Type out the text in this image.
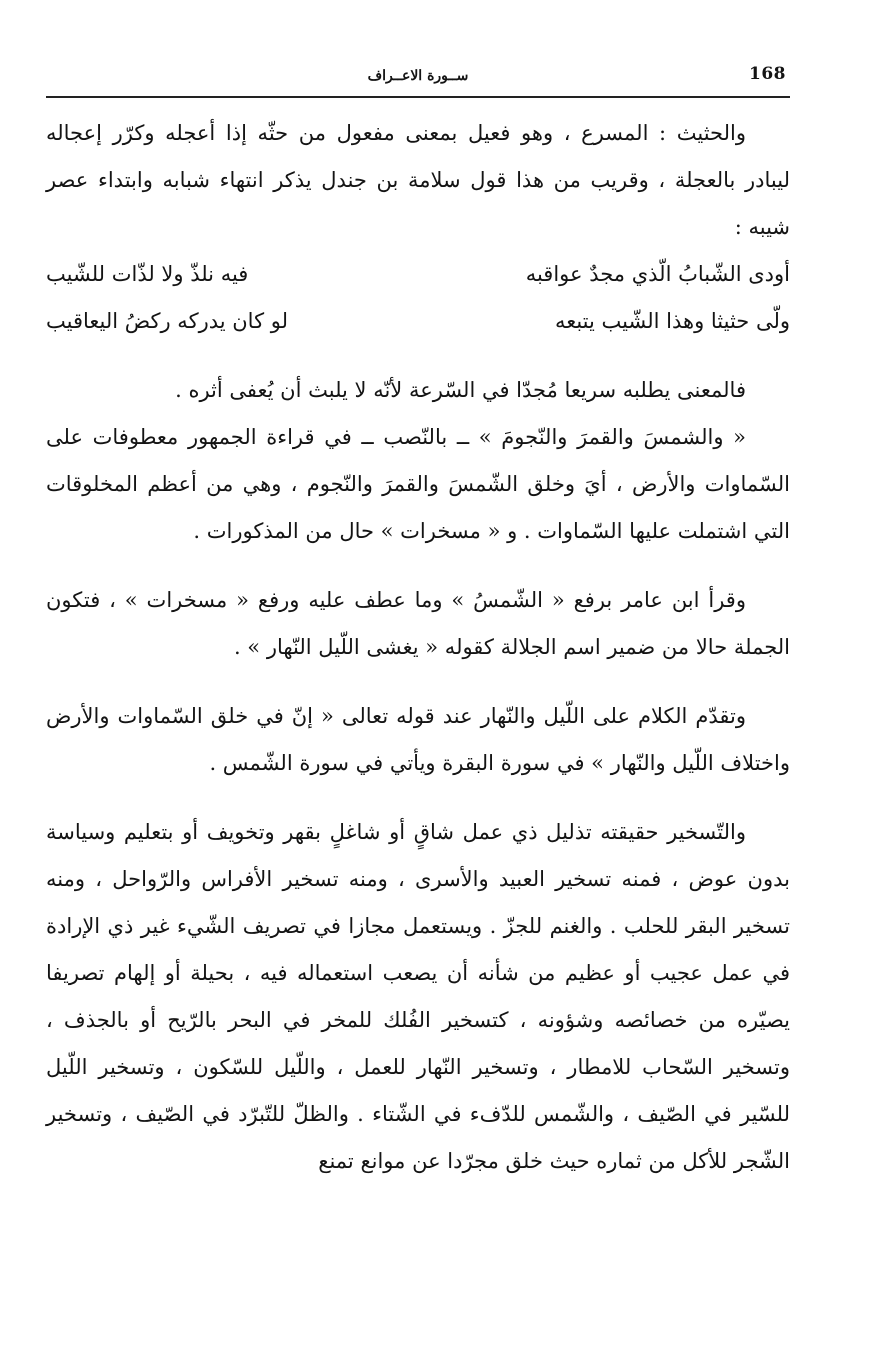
168
ســورة الاعــراف

والحثيث : المسرع ، وهو فعيل بمعنى مفعول من حثّه إذا أعجله وكرّر إعجاله ليبادر بالعجلة ، وقريب من هذا قول سلامة بن جندل يذكر انتهاء شبابه وابتداء عصر شيبه :

أودى الشّبابُ الّذي مجدٌ عواقبه
فيه نلذّ ولا لذّات للشّيب
ولّى حثيثا وهذا الشّيب يتبعه
لو كان يدركه ركضُ اليعاقيب

فالمعنى يطلبه سريعا مُجدّا في السّرعة لأنّه لا يلبث أن يُعفى أثره .

« والشمسَ والقمرَ والنّجومَ » ــ بالنّصب ــ في قراءة الجمهور معطوفات على السّماوات والأرض ، أيَ وخلق الشّمسَ والقمرَ والنّجوم ، وهي من أعظم المخلوقات التي اشتملت عليها السّماوات . و « مسخرات » حال من المذكورات .

وقرأ ابن عامر برفع « الشّمسُ » وما عطف عليه ورفع « مسخرات » ، فتكون الجملة حالا من ضمير اسم الجلالة كقوله « يغشى اللّيل النّهار » .

وتقدّم الكلام على اللّيل والنّهار عند قوله تعالى « إنّ في خلق السّماوات والأرض واختلاف اللّيل والنّهار » في سورة البقرة ويأتي في سورة الشّمس .

والتّسخير حقيقته تذليل ذي عمل شاقٍ أو شاغلٍ بقهر وتخويف أو بتعليم وسياسة بدون عوض ، فمنه تسخير العبيد والأسرى ، ومنه تسخير الأفراس والرّواحل ، ومنه تسخير البقر للحلب . والغنم للجزّ . ويستعمل مجازا في تصريف الشّيء غير ذي الإرادة في عمل عجيب أو عظيم من شأنه أن يصعب استعماله فيه ، بحيلة أو إلهام تصريفا يصيّره من خصائصه وشؤونه ، كتسخير الفُلك للمخر في البحر بالرّيح أو بالجذف ، وتسخير السّحاب للامطار ، وتسخير النّهار للعمل ، واللّيل للسّكون ، وتسخير اللّيل للسّير في الصّيف ، والشّمس للدّفء في الشّتاء . والظلّ للتّبرّد في الصّيف ، وتسخير الشّجر للأكل من ثماره حيث خلق مجرّدا عن موانع تمنع
